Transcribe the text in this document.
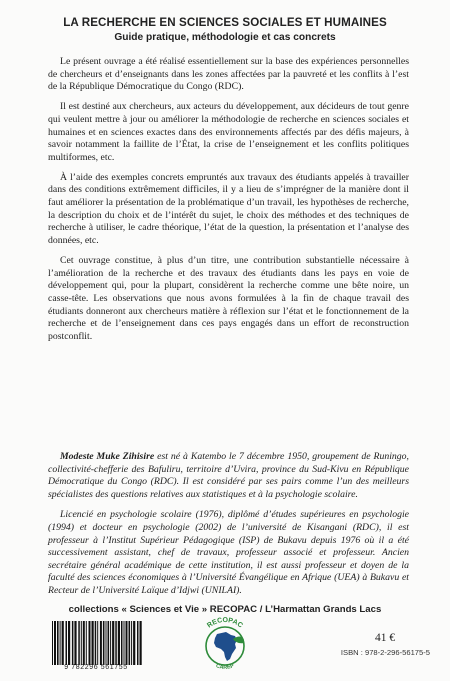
LA RECHERCHE EN SCIENCES SOCIALES ET HUMAINES
Guide pratique, méthodologie et cas concrets

Le présent ouvrage a été réalisé essentiellement sur la base des expériences personnelles de chercheurs et d’enseignants dans les zones affectées par la pauvreté et les conflits à l’est de la République Démocratique du Congo (RDC).

Il est destiné aux chercheurs, aux acteurs du développement, aux décideurs de tout genre qui veulent mettre à jour ou améliorer la méthodologie de recherche en sciences sociales et humaines et en sciences exactes dans des environnements affectés par des défis majeurs, à savoir notamment la faillite de l’État, la crise de l’enseignement et les conflits politiques multiformes, etc.

À l’aide des exemples concrets empruntés aux travaux des étudiants appelés à travailler dans des conditions extrêmement difficiles, il y a lieu de s’imprégner de la manière dont il faut améliorer la présentation de la problématique d’un travail, les hypothèses de recherche, la description du choix et de l’intérêt du sujet, le choix des méthodes et des techniques de recherche à utiliser, le cadre théorique, l’état de la question, la présentation et l’analyse des données, etc.

Cet ouvrage constitue, à plus d’un titre, une contribution substantielle nécessaire à l’amélioration de la recherche et des travaux des étudiants dans les pays en voie de développement qui, pour la plupart, considèrent la recherche comme une bête noire, un casse-tête. Les observations que nous avons formulées à la fin de chaque travail des étudiants donneront aux chercheurs matière à réflexion sur l’état et le fonctionnement de la recherche et de l’enseignement dans ces pays engagés dans un effort de reconstruction postconflit.

Modeste Muke Zihisire est né à Katembo le 7 décembre 1950, groupement de Runingo, collectivité-chefferie des Bafuliru, territoire d’Uvira, province du Sud-Kivu en République Démocratique du Congo (RDC). Il est considéré par ses pairs comme l’un des meilleurs spécialistes des questions relatives aux statistiques et à la psychologie scolaire.

Licencié en psychologie scolaire (1976), diplômé d’études supérieures en psychologie (1994) et docteur en psychologie (2002) de l’université de Kisangani (RDC), il est professeur à l’Institut Supérieur Pédagogique (ISP) de Bukavu depuis 1976 où il a été successivement assistant, chef de travaux, professeur associé et professeur. Ancien secrétaire général académique de cette institution, il est aussi professeur et doyen de la faculté des sciences économiques à l’Université Évangélique en Afrique (UEA) à Bukavu et Recteur de l’Université Laïque d’Idjwi (UNILAI).

collections « Sciences et Vie » RECOPAC / L’Harmattan Grands Lacs
9 782296 561755
RECOPAC
CAREP
41 €
ISBN : 978-2-296-56175-5
